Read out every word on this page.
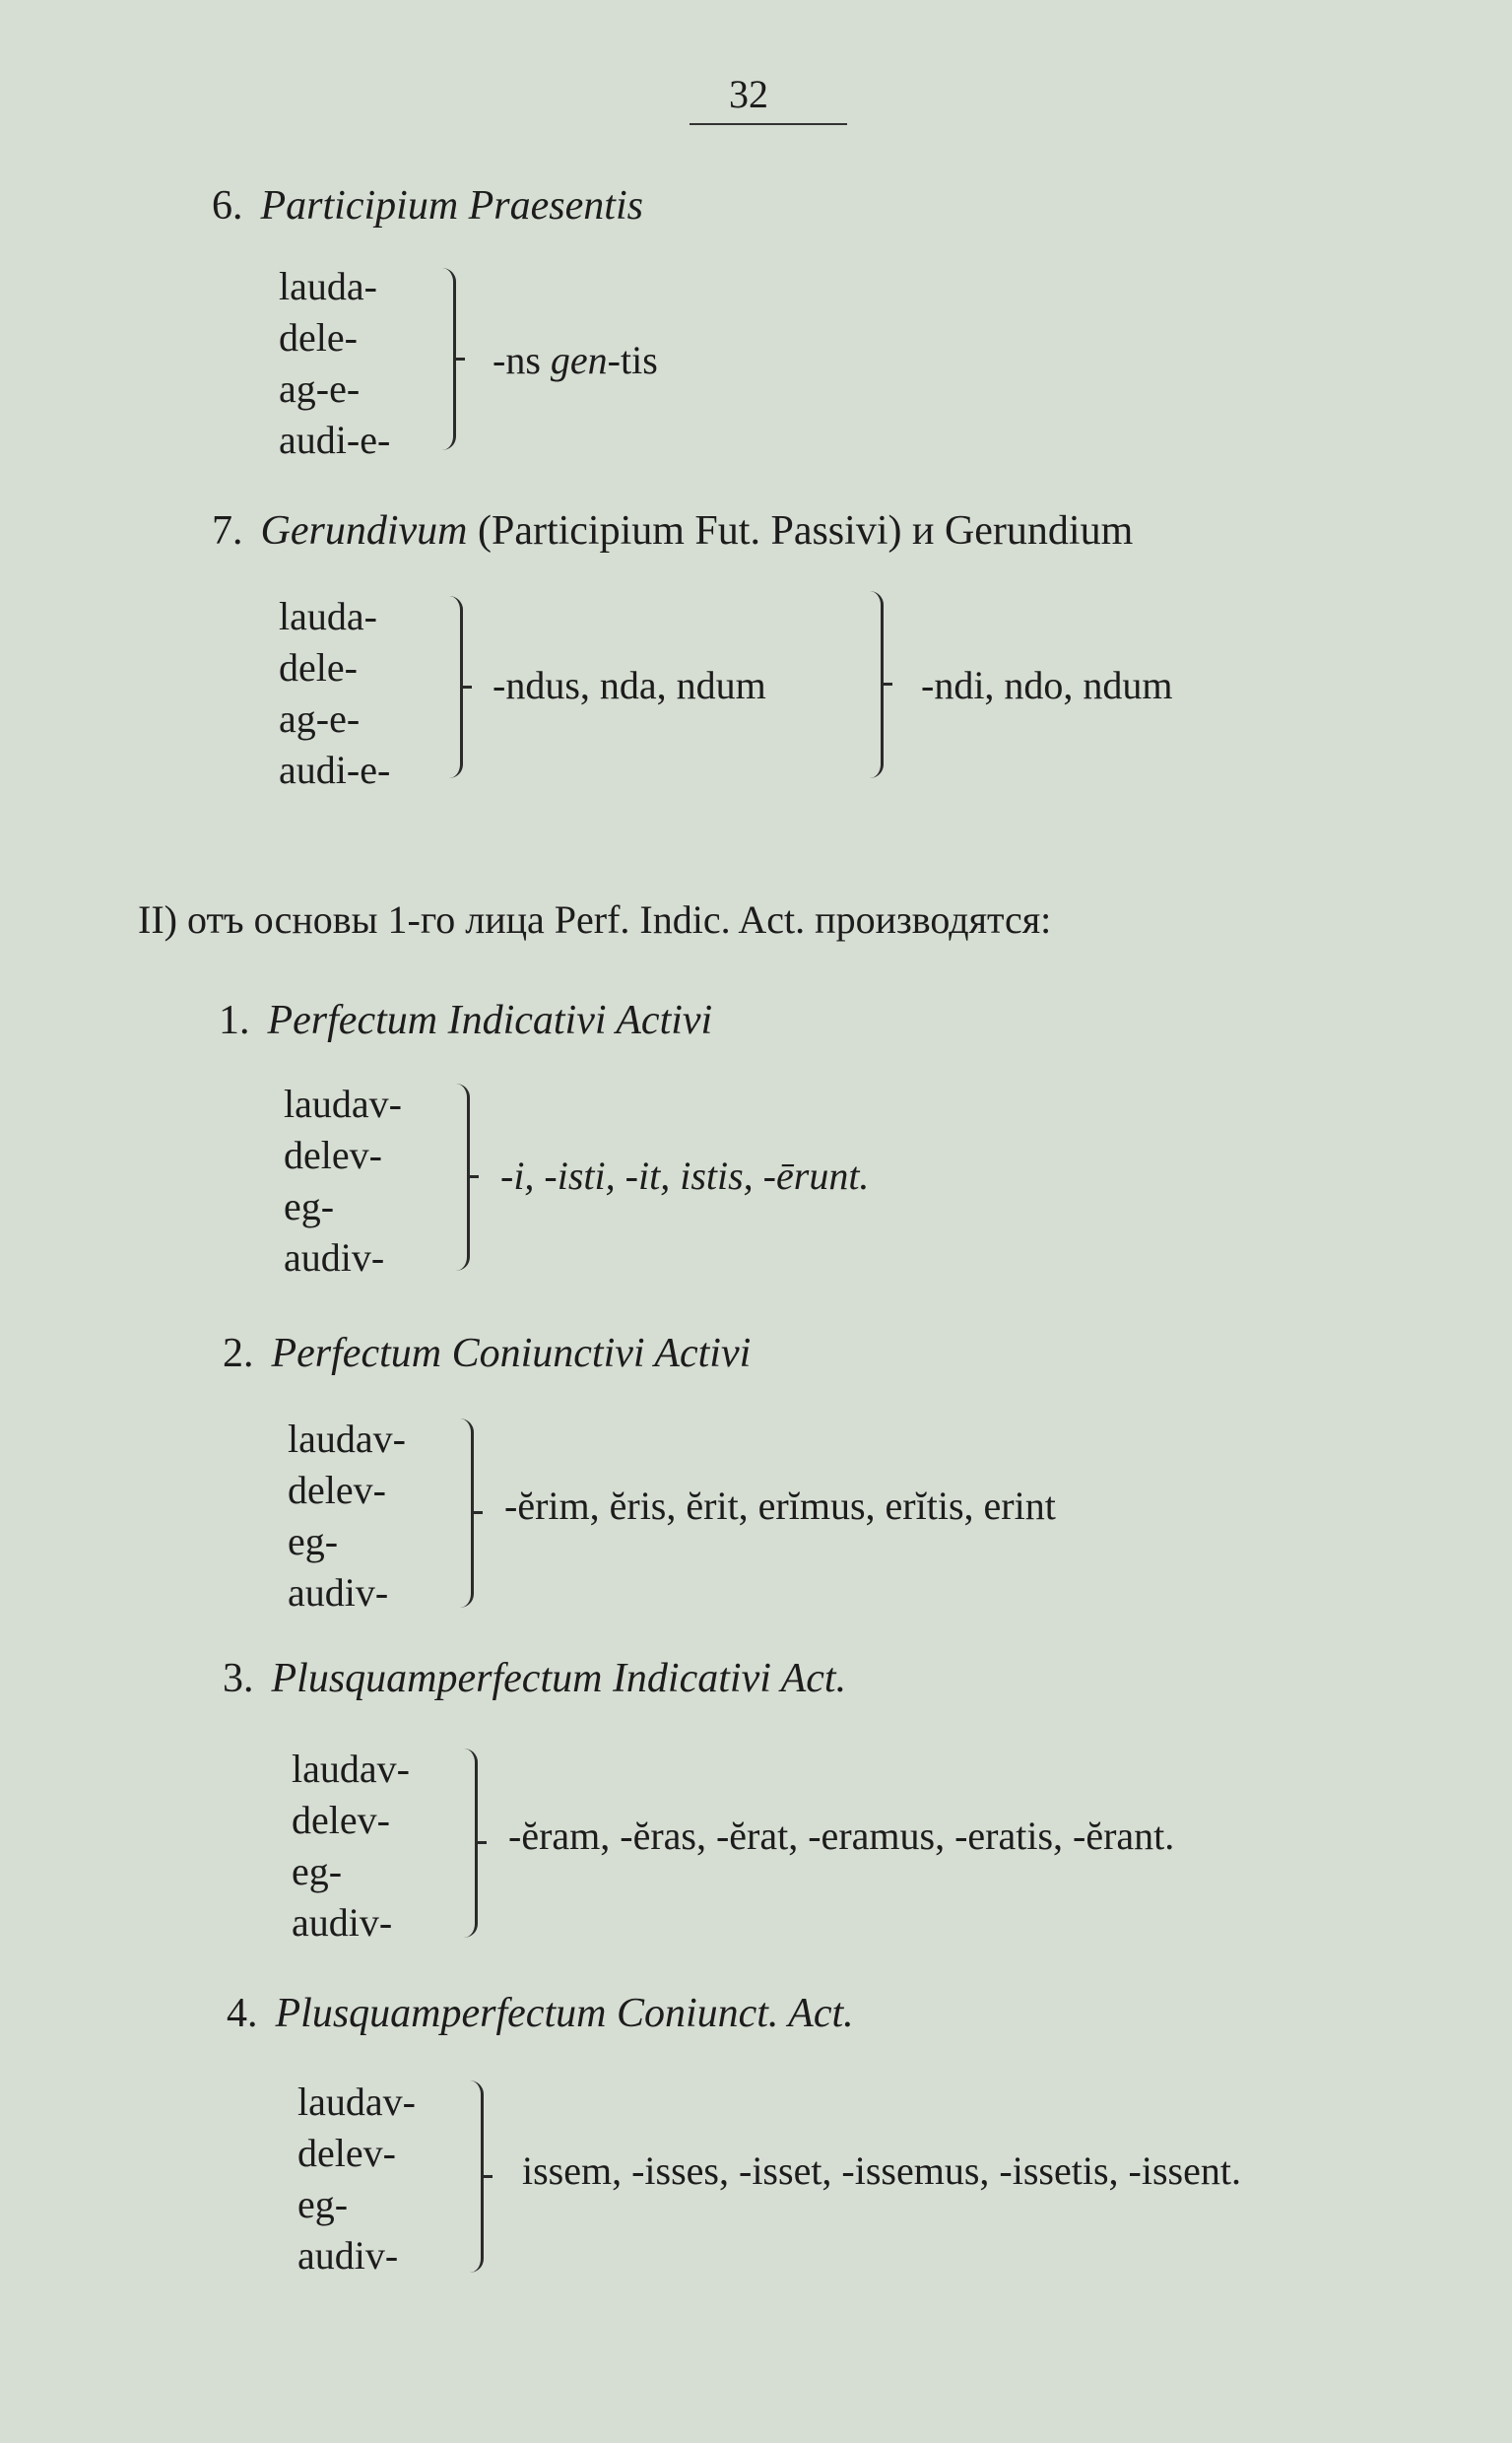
32
6. Participium Praesentis
lauda-
dele-
ag-e-
audi-e-
-ns gen-tis
7. Gerundivum (Participium Fut. Passivi) и Gerundium
lauda-
dele-
ag-e-
audi-e-
-ndus, nda, ndum	-ndi, ndo, ndum
II) отъ основы 1-го лица Perf. Indic. Act. производятся:
1. Perfectum Indicativi Activi
laudav-
delev-
eg-
audiv-
-i, -isti, -it, istis, -ērunt.
2. Perfectum Coniunctivi Activi
laudav-
delev-
eg-
audiv-
-ĕrim, ĕris, ĕrit, erĭmus, erĭtis, erint
3. Plusquamperfectum Indicativi Act.
laudav-
delev-
eg-
audiv-
-ĕram, -ĕras, -ĕrat, -eramus, -eratis, -ĕrant.
4. Plusquamperfectum Coniunct. Act.
laudav-
delev-
eg-
audiv-
issem, -isses, -isset, -issemus, -issetis, -issent.
